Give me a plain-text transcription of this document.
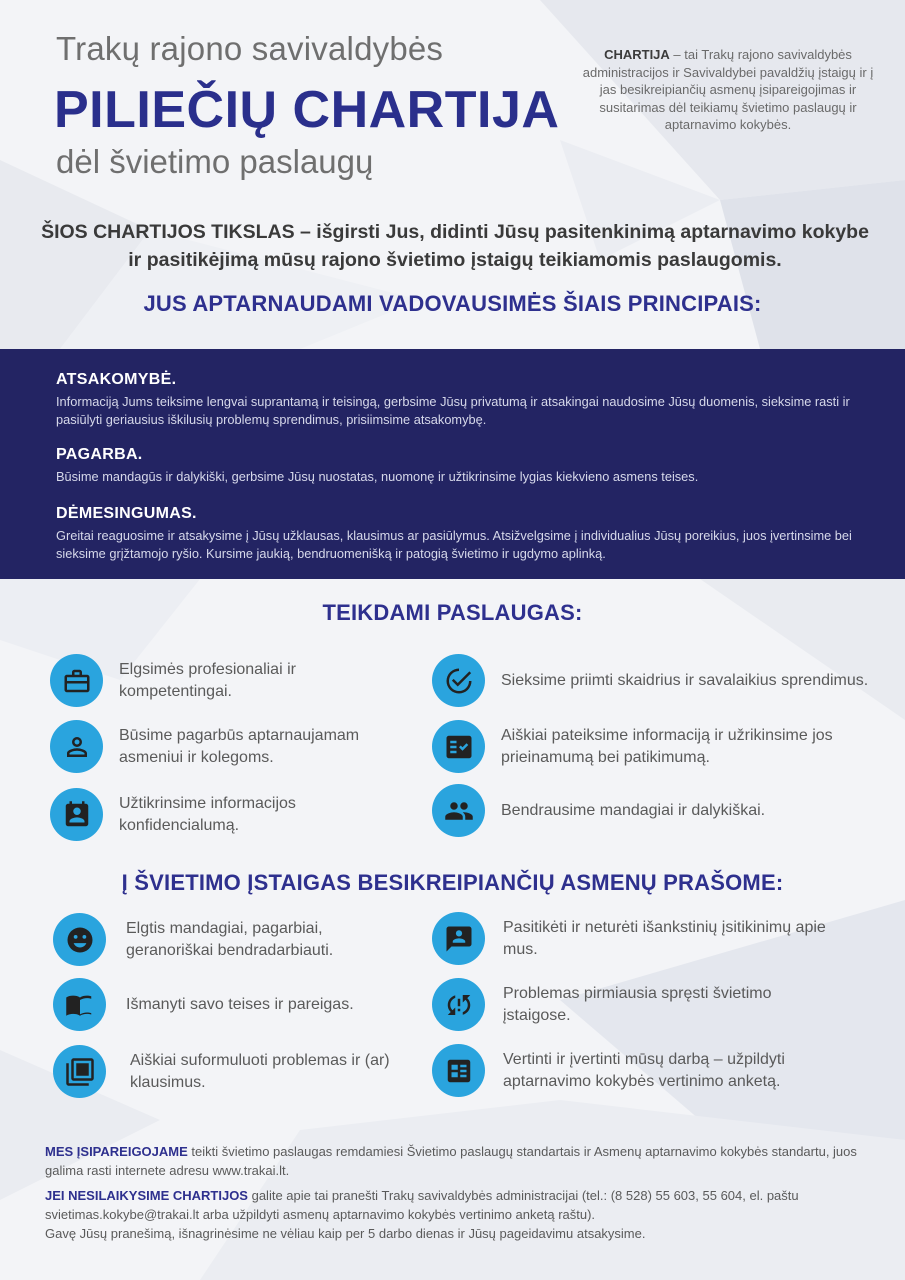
Trakų rajono savivaldybės
PILIEČIŲ CHARTIJA
dėl švietimo paslaugų
CHARTIJA – tai Trakų rajono savivaldybės administracijos ir Savivaldybei pavaldžių įstaigų ir į jas besikreipiančių asmenų įsipareigojimas ir susitarimas dėl teikiamų švietimo paslaugų ir aptarnavimo kokybės.
ŠIOS CHARTIJOS TIKSLAS – išgirsti Jus, didinti Jūsų pasitenkinimą aptarnavimo kokybe ir pasitikėjimą mūsų rajono švietimo įstaigų teikiamomis paslaugomis.
JUS APTARNAUDAMI VADOVAUSIMĖS ŠIAIS PRINCIPAIS:
ATSAKOMYBĖ.
Informaciją Jums teiksime lengvai suprantamą ir teisingą, gerbsime Jūsų privatumą ir atsakingai naudosime Jūsų duomenis, sieksime rasti ir pasiūlyti geriausius iškilusių problemų sprendimus, prisiimsime atsakomybę.
PAGARBA.
Būsime mandagūs ir dalykiški, gerbsime Jūsų nuostatas, nuomonę ir užtikrinsime lygias kiekvieno asmens teises.
DĖMESINGUMAS.
Greitai reaguosime ir atsakysime į Jūsų užklausas, klausimus ar pasiūlymus. Atsižvelgsime į individualius Jūsų poreikius, juos įvertinsime bei sieksime grįžtamojo ryšio. Kursime jaukią, bendruomenišką ir patogią švietimo ir ugdymo aplinką.
TEIKDAMI PASLAUGAS:
Elgsimės profesionaliai ir kompetentingai.
Sieksime priimti skaidrius ir savalaikius sprendimus.
Būsime pagarbūs aptarnaujamam asmeniui ir kolegoms.
Aiškiai pateiksime informaciją ir užrikinsime jos prieinamumą bei patikimumą.
Užtikrinsime informacijos konfidencialumą.
Bendrausime mandagiai ir dalykiškai.
Į ŠVIETIMO ĮSTAIGAS BESIKREIPIANČIŲ ASMENŲ PRAŠOME:
Elgtis mandagiai, pagarbiai, geranoriškai bendradarbiauti.
Pasitikėti ir neturėti išankstinių įsitikinimų apie mus.
Išmanyti savo teises ir pareigas.
Problemas pirmiausia spręsti švietimo įstaigose.
Aiškiai suformuluoti problemas ir (ar) klausimus.
Vertinti ir įvertinti mūsų darbą – užpildyti aptarnavimo kokybės vertinimo anketą.
MES ĮSIPAREIGOJAME teikti švietimo paslaugas remdamiesi Švietimo paslaugų standartais ir Asmenų aptarnavimo kokybės standartu, juos galima rasti internete adresu www.trakai.lt.
JEI NESILAIKYSIME CHARTIJOS galite apie tai pranešti Trakų savivaldybės administracijai (tel.: (8 528) 55 603, 55 604, el. paštu svietimas.kokybe@trakai.lt arba užpildyti asmenų aptarnavimo kokybės vertinimo anketą raštu).
Gavę Jūsų pranešimą, išnagrinėsime ne vėliau kaip per 5 darbo dienas ir Jūsų pageidavimu atsakysime.
